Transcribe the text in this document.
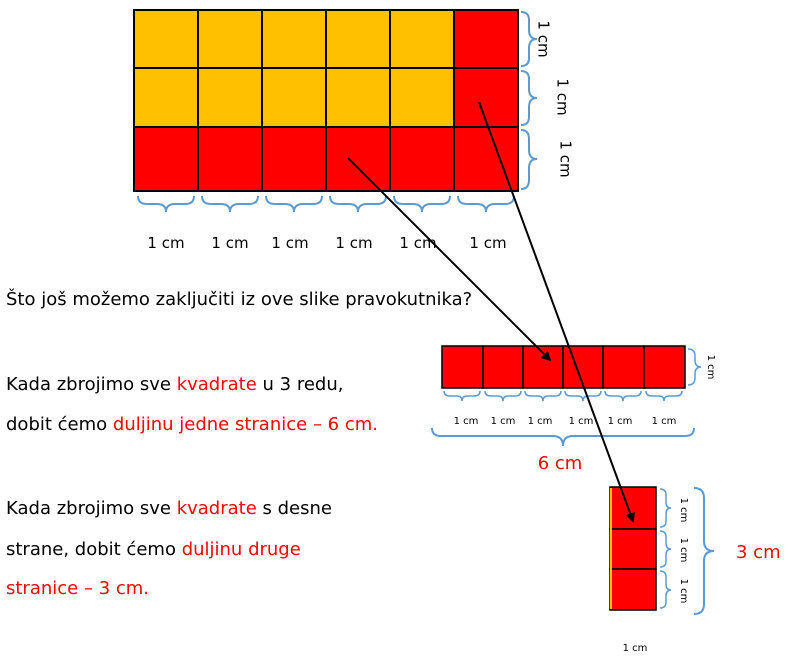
1 cm 1 cm 1 cm 1 cm 1 cm 1 cm
1 cm
1 cm
1 cm
1 cm 1 cm 1 cm 1 cm 1 cm 1 cm
6 cm
1 cm
1 cm
1 cm
1 cm
3 cm
1 cm

Što još možemo zaključiti iz ove slike pravokutnika?

Kada zbrojimo sve kvadrate u 3 redu,

dobit ćemo duljinu jedne stranice – 6 cm.

Kada zbrojimo sve kvadrate s desne

strane, dobit ćemo duljinu druge

stranice – 3 cm.
